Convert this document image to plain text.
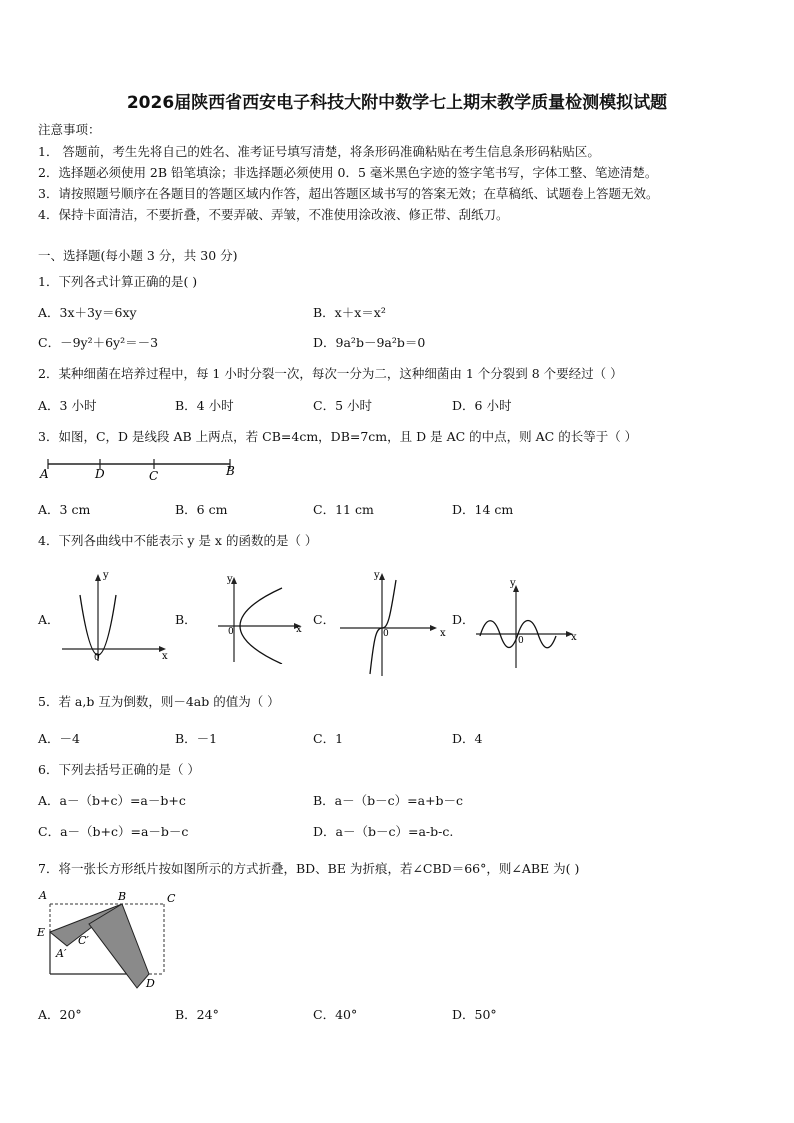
2026届陕西省西安电子科技大附中数学七上期末教学质量检测模拟试题
注意事项：
1． 答题前，考生先将自己的姓名、准考证号填写清楚，将条形码准确粘贴在考生信息条形码粘贴区。
2．选择题必须使用 2B 铅笔填涂；非选择题必须使用 0．5 毫米黑色字迹的签字笔书写，字体工整、笔迹清楚。
3．请按照题号顺序在各题目的答题区域内作答，超出答题区域书写的答案无效；在草稿纸、试题卷上答题无效。
4．保持卡面清洁，不要折叠，不要弄破、弄皱，不准使用涂改液、修正带、刮纸刀。
一、选择题(每小题 3 分，共 30 分)
1．下列各式计算正确的是( )
A．3x＋3y＝6xy	B．x＋x＝x²
C．－9y²＋6y²＝－3	D．9a²b－9a²b＝0
2．某种细菌在培养过程中，每 1 小时分裂一次，每次一分为二，这种细菌由 1 个分裂到 8 个要经过（ ）
A．3 小时	B．4 小时	C．5 小时	D．6 小时
3．如图，C，D 是线段 AB 上两点，若 CB=4cm，DB=7cm，且 D 是 AC 的中点，则 AC 的长等于（ ）
A	D	C	B
A．3 cm	B．6 cm	C．11 cm	D．14 cm
4．下列各曲线中不能表示 y 是 x 的函数的是（ ）
A．	B．	C．	D．
y
x
0
y
x
0
y
x
0
y
x
0
5．若 a,b 互为倒数，则－4ab 的值为（ ）
A．－4	B．－1	C．1	D．4
6．下列去括号正确的是（ ）
A．a－（b+c）=a－b+c	B．a－（b－c）=a+b－c
C．a－（b+c）=a－b－c	D．a－（b－c）=a-b-c.
7．将一张长方形纸片按如图所示的方式折叠，BD、BE 为折痕，若∠CBD＝66°，则∠ABE 为( )
A	B	C
E
C′
A′
D
A．20°	B．24°	C．40°	D．50°
